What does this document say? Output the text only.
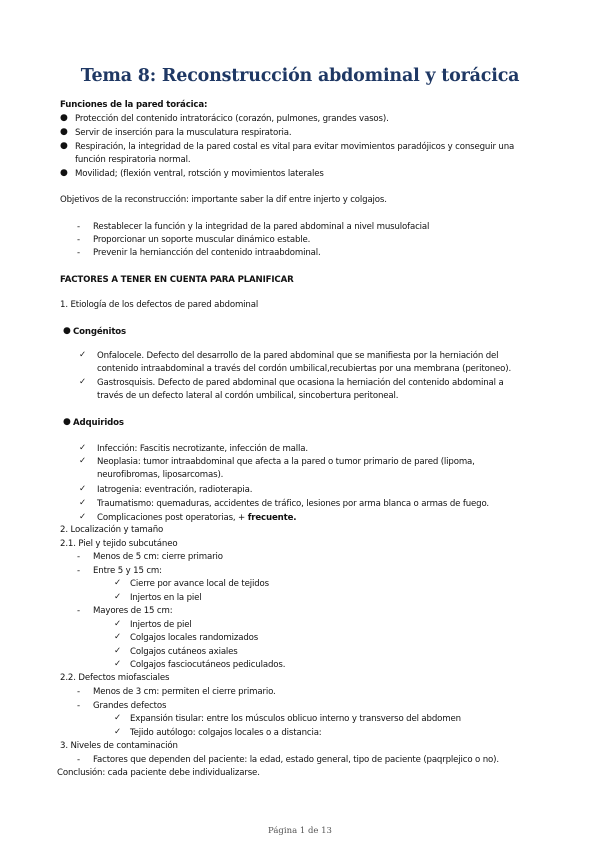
Tema 8: Reconstrucción abdominal y torácica
Funciones de la pared torácica:
● Protección del contenido intratorácico (corazón, pulmones, grandes vasos).
● Servir de inserción para la musculatura respiratoria.
● Respiración, la integridad de la pared costal es vital para evitar movimientos paradójicos y conseguir una
función respiratoria normal.
● Movilidad; (flexión ventral, rotsción y movimientos laterales
Objetivos de la reconstrucción: importante saber la dif entre injerto y colgajos.
- Restablecer la función y la integridad de la pared abdominal a nivel musulofacial
- Proporcionar un soporte muscular dinámico estable.
- Prevenir la herniancción del contenido intraabdominal.
FACTORES A TENER EN CUENTA PARA PLANIFICAR
1. Etiología de los defectos de pared abdominal
● Congénitos
✓ Onfalocele. Defecto del desarrollo de la pared abdominal que se manifiesta por la herniación del
contenido intraabdominal a través del cordón umbilical,recubiertas por una membrana (peritoneo).
✓ Gastrosquisis. Defecto de pared abdominal que ocasiona la herniación del contenido abdominal a
través de un defecto lateral al cordón umbilical, sincobertura peritoneal.
● Adquiridos
✓ Infección: Fascitis necrotizante, infección de malla.
✓ Neoplasia: tumor intraabdominal que afecta a la pared o tumor primario de pared (lipoma,
neurofibromas, liposarcomas).
✓ Iatrogenia: eventración, radioterapia.
✓ Traumatismo: quemaduras, accidentes de tráfico, lesiones por arma blanca o armas de fuego.
✓ Complicaciones post operatorias, + frecuente.
2. Localización y tamaño
2.1. Piel y tejido subcutáneo
- Menos de 5 cm: cierre primario
- Entre 5 y 15 cm:
✓ Cierre por avance local de tejidos
✓ Injertos en la piel
- Mayores de 15 cm:
✓ Injertos de piel
✓ Colgajos locales randomizados
✓ Colgajos cutáneos axiales
✓ Colgajos fasciocutáneos pediculados.
2.2. Defectos miofasciales
- Menos de 3 cm: permiten el cierre primario.
- Grandes defectos
✓ Expansión tisular: entre los músculos oblicuo interno y transverso del abdomen
✓ Tejido autólogo: colgajos locales o a distancia:
3. Niveles de contaminación
- Factores que dependen del paciente: la edad, estado general, tipo de paciente (paqrplejico o no).
Conclusión: cada paciente debe individualizarse.
Página 1 de 13
